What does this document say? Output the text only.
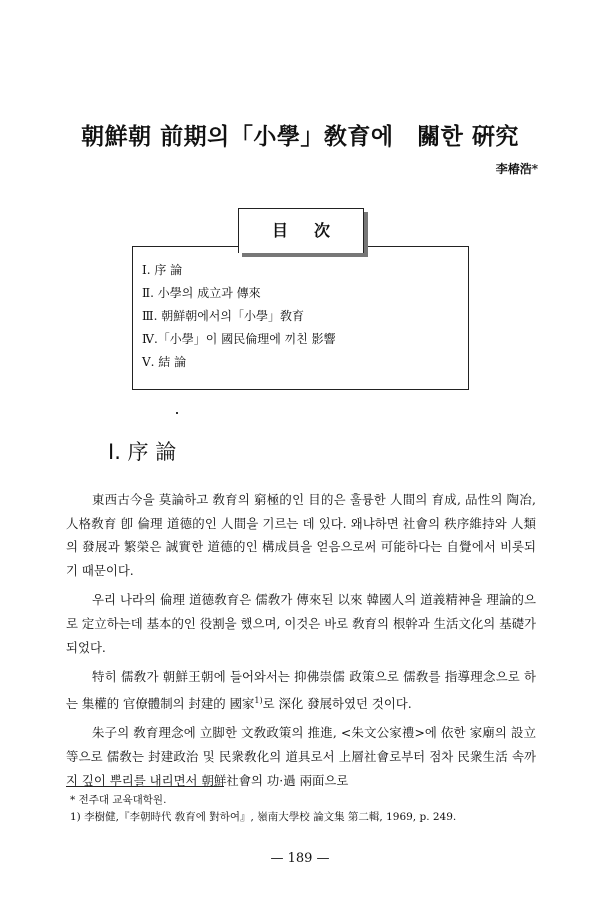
朝鮮朝 前期의「小學」敎育에　關한 硏究
李椿浩*
目次
Ⅰ. 序 論
Ⅱ. 小學의 成立과 傳來
Ⅲ. 朝鮮朝에서의「小學」敎育
Ⅳ.「小學」이 國民倫理에 끼친 影響
Ⅴ. 結 論
Ⅰ. 序 論

東西古今을 莫論하고 敎育의 窮極的인 目的은 훌륭한 人間의 育成, 品性의 陶冶, 人格敎育 卽 倫理 道德的인 人間을 기르는 데 있다. 왜냐하면 社會의 秩序維持와 人類의 發展과 繁榮은 誠實한 道德的인 構成員을 얻음으로써 可能하다는 自覺에서 비롯되기 때문이다.

우리 나라의 倫理 道德敎育은 儒敎가 傳來된 以來 韓國人의 道義精神을 理論的으로 定立하는데 基本的인 役割을 했으며, 이것은 바로 敎育의 根幹과 生活文化의 基礎가 되었다.

特히 儒敎가 朝鮮王朝에 들어와서는 抑佛崇儒 政策으로 儒敎를 指導理念으로 하는 集權的 官僚體制의 封建的 國家$^{1)}$로 深化 發展하였던 것이다.

朱子의 敎育理念에 立脚한 文敎政策의 推進, <朱文公家禮>에 依한 家廟의 設立 等으로 儒敎는 封建政治 및 民衆敎化의 道具로서 上層社會로부터 점차 民衆生活 속까지 깊이 뿌리를 내리면서 朝鮮社會의 功·過 兩面으로

* 전주대 교육대학원.
1) 李樹健,『李朝時代 敎育에 對하여』, 嶺南大學校 論文集 第二輯, 1969, p. 249.
— 189 —
